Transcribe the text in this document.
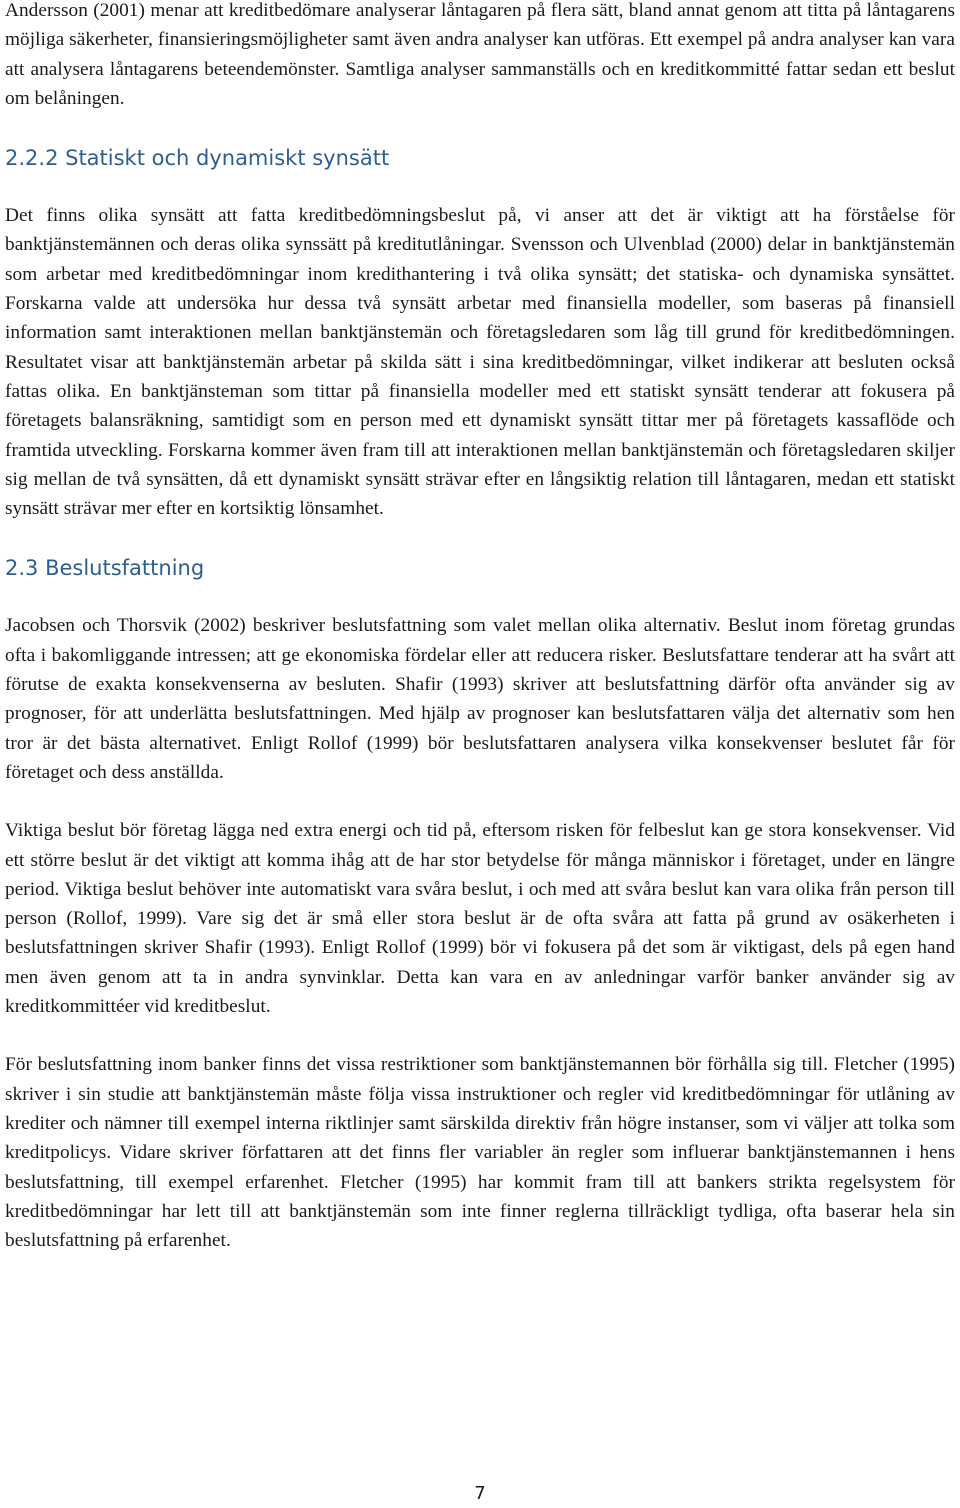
Andersson (2001) menar att kreditbedömare analyserar låntagaren på flera sätt, bland annat genom att titta på låntagarens möjliga säkerheter, finansieringsmöjligheter samt även andra analyser kan utföras. Ett exempel på andra analyser kan vara att analysera låntagarens beteendemönster. Samtliga analyser sammanställs och en kreditkommitté fattar sedan ett beslut om belåningen.

2.2.2 Statiskt och dynamiskt synsätt

Det finns olika synsätt att fatta kreditbedömningsbeslut på, vi anser att det är viktigt att ha förståelse för banktjänstemännen och deras olika synssätt på kreditutlåningar. Svensson och Ulvenblad (2000) delar in banktjänstemän som arbetar med kreditbedömningar inom kredithantering i två olika synsätt; det statiska- och dynamiska synsättet. Forskarna valde att undersöka hur dessa två synsätt arbetar med finansiella modeller, som baseras på finansiell information samt interaktionen mellan banktjänstemän och företagsledaren som låg till grund för kreditbedömningen. Resultatet visar att banktjänstemän arbetar på skilda sätt i sina kreditbedömningar, vilket indikerar att besluten också fattas olika. En banktjänsteman som tittar på finansiella modeller med ett statiskt synsätt tenderar att fokusera på företagets balansräkning, samtidigt som en person med ett dynamiskt synsätt tittar mer på företagets kassaflöde och framtida utveckling. Forskarna kommer även fram till att interaktionen mellan banktjänstemän och företagsledaren skiljer sig mellan de två synsätten, då ett dynamiskt synsätt strävar efter en långsiktig relation till låntagaren, medan ett statiskt synsätt strävar mer efter en kortsiktig lönsamhet.

2.3 Beslutsfattning

Jacobsen och Thorsvik (2002) beskriver beslutsfattning som valet mellan olika alternativ. Beslut inom företag grundas ofta i bakomliggande intressen; att ge ekonomiska fördelar eller att reducera risker. Beslutsfattare tenderar att ha svårt att förutse de exakta konsekvenserna av besluten. Shafir (1993) skriver att beslutsfattning därför ofta använder sig av prognoser, för att underlätta beslutsfattningen. Med hjälp av prognoser kan beslutsfattaren välja det alternativ som hen tror är det bästa alternativet. Enligt Rollof (1999) bör beslutsfattaren analysera vilka konsekvenser beslutet får för företaget och dess anställda.

Viktiga beslut bör företag lägga ned extra energi och tid på, eftersom risken för felbeslut kan ge stora konsekvenser. Vid ett större beslut är det viktigt att komma ihåg att de har stor betydelse för många människor i företaget, under en längre period. Viktiga beslut behöver inte automatiskt vara svåra beslut, i och med att svåra beslut kan vara olika från person till person (Rollof, 1999). Vare sig det är små eller stora beslut är de ofta svåra att fatta på grund av osäkerheten i beslutsfattningen skriver Shafir (1993). Enligt Rollof (1999) bör vi fokusera på det som är viktigast, dels på egen hand men även genom att ta in andra synvinklar. Detta kan vara en av anledningar varför banker använder sig av kreditkommittéer vid kreditbeslut.

För beslutsfattning inom banker finns det vissa restriktioner som banktjänstemannen bör förhålla sig till. Fletcher (1995) skriver i sin studie att banktjänstemän måste följa vissa instruktioner och regler vid kreditbedömningar för utlåning av krediter och nämner till exempel interna riktlinjer samt särskilda direktiv från högre instanser, som vi väljer att tolka som kreditpolicys. Vidare skriver författaren att det finns fler variabler än regler som influerar banktjänstemannen i hens beslutsfattning, till exempel erfarenhet. Fletcher (1995) har kommit fram till att bankers strikta regelsystem för kreditbedömningar har lett till att banktjänstemän som inte finner reglerna tillräckligt tydliga, ofta baserar hela sin beslutsfattning på erfarenhet.

7
